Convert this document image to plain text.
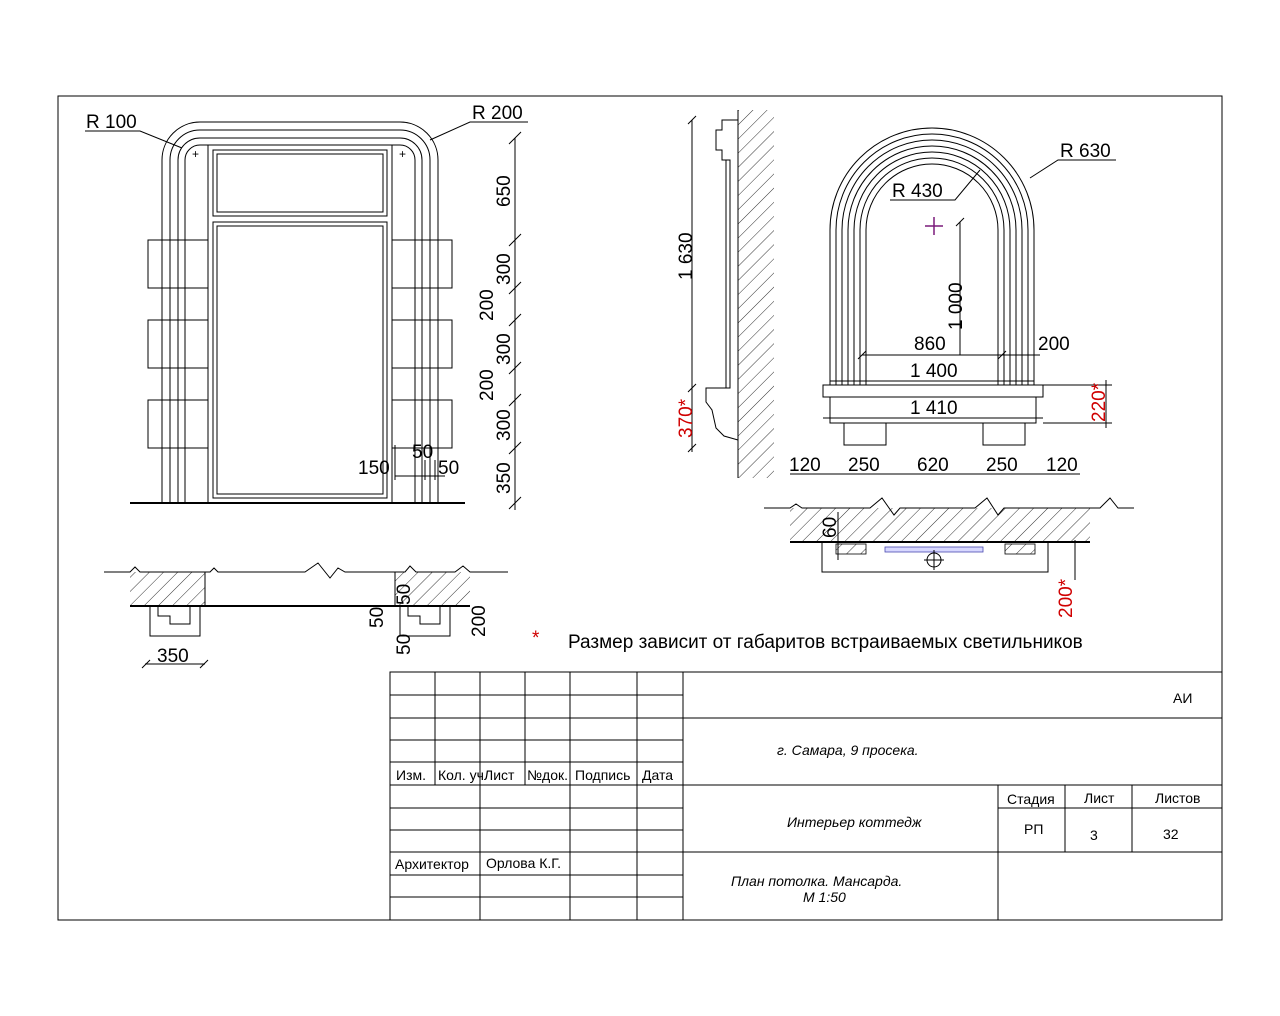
+	+
R 100	R 200
650
300
200
300
200
300
350
150
50
50
350
50
50
50
200
1 630
370*
R 630
R 430
1 000
860	200
1 400
1 410	220*
120 250 620 250 120
60
200*
* Размер зависит от габаритов встраиваемых светильников
Изм. Кол. уч Лист №док. Подпись Дата
Архитектор Орлова К.Г.
АИ
г. Самара, 9 просека.
Интерьер коттедж
План потолка. Мансарда.
М 1:50
Стадия Лист	Листов
РП	3	32
